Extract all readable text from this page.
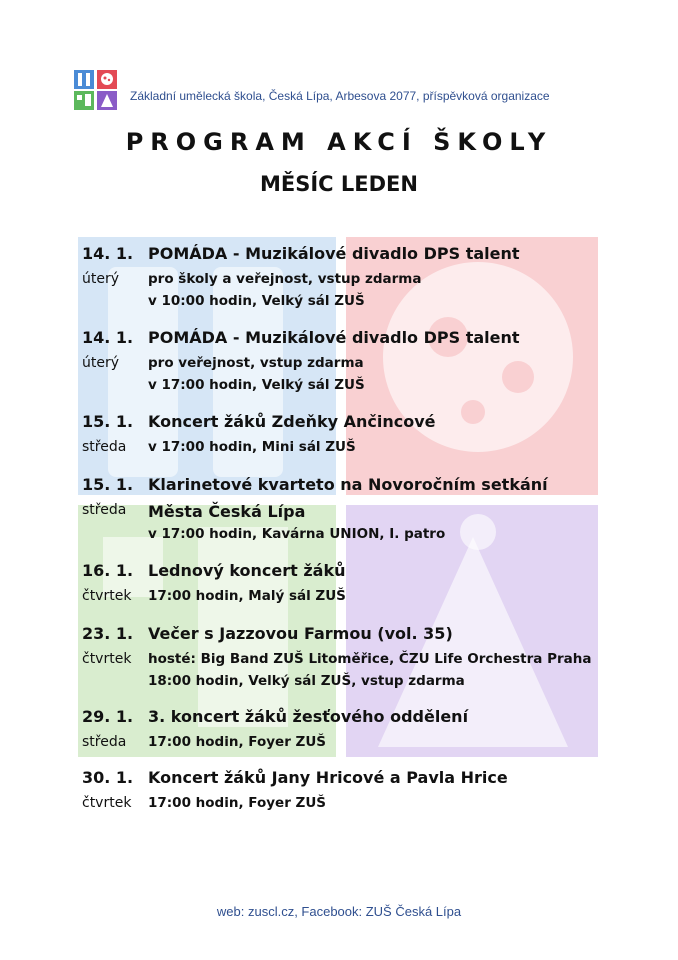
Základní umělecká škola, Česká Lípa, Arbesova 2077, příspěvková organizace
PROGRAM AKCÍ ŠKOLY
MĚSÍC LEDEN
14. 1.
úterý
POMÁDA - Muzikálové divadlo DPS talent
pro školy a veřejnost, vstup zdarma
v 10:00 hodin, Velký sál ZUŠ
14. 1.
úterý
POMÁDA - Muzikálové divadlo DPS talent
pro veřejnost, vstup zdarma
v 17:00 hodin, Velký sál ZUŠ
15. 1.
středa
Koncert žáků Zdeňky Ančincové
v 17:00 hodin, Mini sál ZUŠ
15. 1.
středa
Klarinetové kvarteto na Novoročním setkání
Města Česká Lípa
v 17:00 hodin, Kavárna UNION, I. patro
16. 1.
čtvrtek
Lednový koncert žáků
17:00 hodin, Malý sál ZUŠ
23. 1.
čtvrtek
Večer s Jazzovou Farmou (vol. 35)
hosté: Big Band ZUŠ Litoměřice, ČZU Life Orchestra Praha
18:00 hodin, Velký sál ZUŠ, vstup zdarma
29. 1.
středa
3. koncert žáků žesťového oddělení
17:00 hodin, Foyer ZUŠ
30. 1.
čtvrtek
Koncert žáků Jany Hricové a Pavla Hrice
17:00 hodin, Foyer ZUŠ
web: zuscl.cz, Facebook: ZUŠ Česká Lípa
